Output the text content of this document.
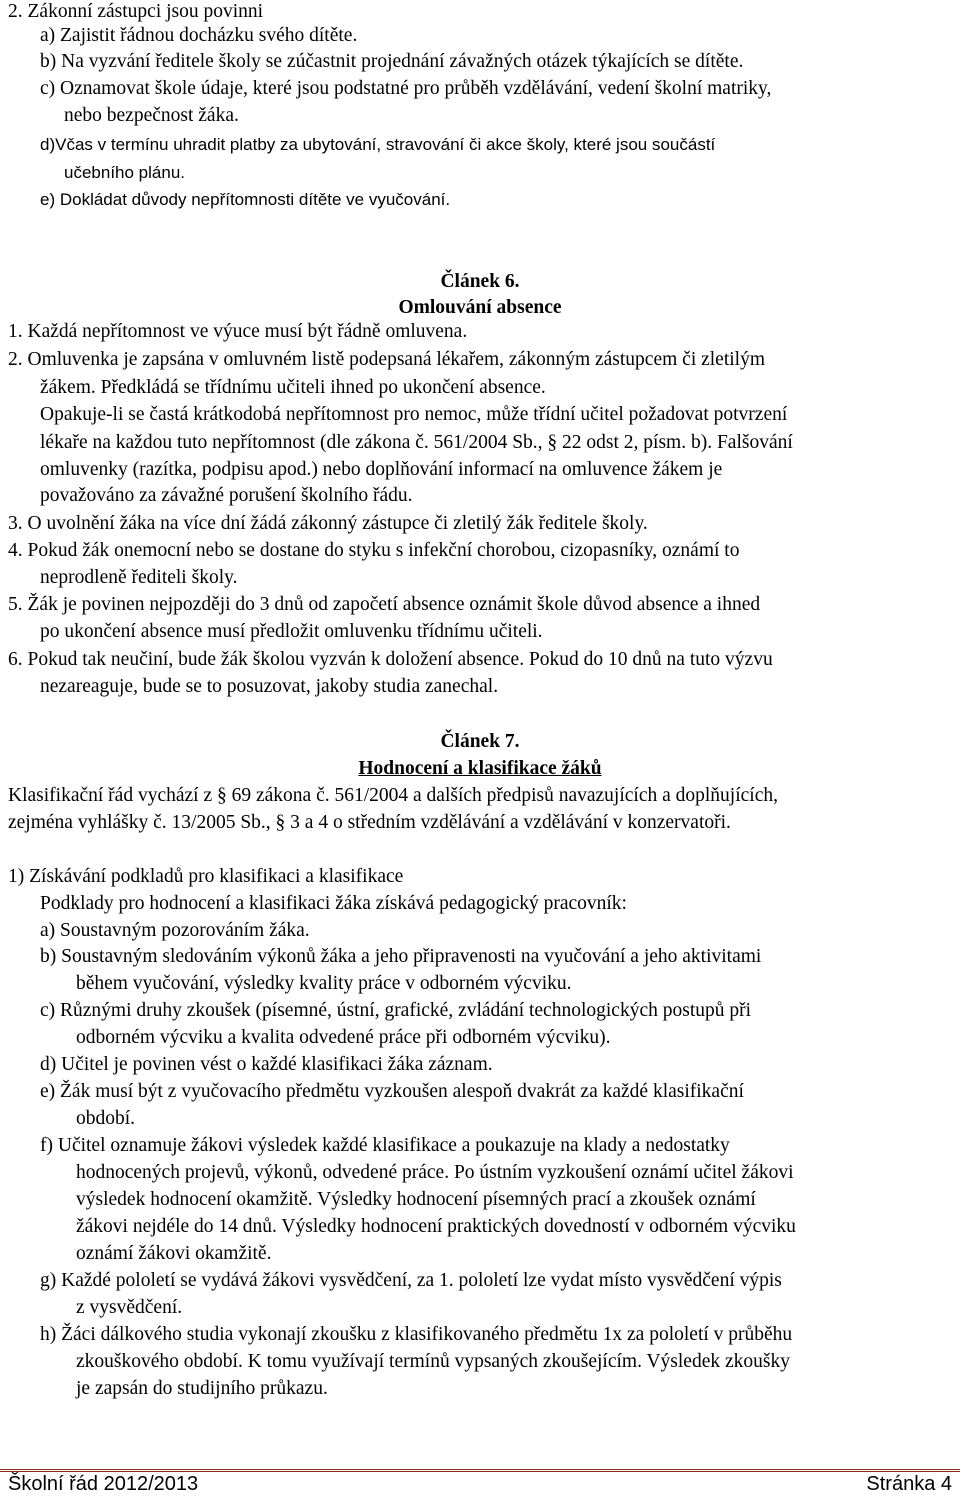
2. Zákonní zástupci jsou povinni
a) Zajistit řádnou docházku svého dítěte.
b) Na vyzvání ředitele školy se zúčastnit projednání závažných otázek týkajících se dítěte.
c) Oznamovat škole údaje, které jsou podstatné pro průběh vzdělávání, vedení školní matriky,
nebo bezpečnost žáka.
d)Včas v termínu uhradit platby za ubytování, stravování či akce školy, které jsou součástí
učebního plánu.
e) Dokládat důvody nepřítomnosti dítěte ve vyučování.
Článek 6.
Omlouvání absence
1. Každá nepřítomnost ve výuce musí být řádně omluvena.
2. Omluvenka je zapsána v omluvném listě podepsaná lékařem, zákonným zástupcem či zletilým
žákem. Předkládá se třídnímu učiteli ihned po ukončení absence.
Opakuje-li se častá krátkodobá nepřítomnost pro nemoc, může třídní učitel požadovat potvrzení
lékaře na každou tuto nepřítomnost (dle zákona č. 561/2004 Sb., § 22 odst 2, písm. b). Falšování
omluvenky (razítka, podpisu apod.) nebo doplňování informací na omluvence žákem je
považováno za závažné porušení školního řádu.
3. O uvolnění žáka na více dní žádá zákonný zástupce či zletilý žák ředitele školy.
4. Pokud žák onemocní nebo se dostane do styku s infekční chorobou, cizopasníky, oznámí to
neprodleně řediteli školy.
5. Žák je povinen nejpozději do 3 dnů od započetí absence oznámit škole důvod absence a ihned
po ukončení absence musí předložit omluvenku třídnímu učiteli.
6. Pokud tak neučiní, bude žák školou vyzván k doložení absence. Pokud do 10 dnů na tuto výzvu
nezareaguje, bude se to posuzovat, jakoby studia zanechal.
Článek 7.
Hodnocení a klasifikace žáků
Klasifikační řád vychází z § 69 zákona č. 561/2004 a dalších předpisů navazujících a doplňujících,
zejména vyhlášky č. 13/2005 Sb., § 3 a 4 o středním vzdělávání a vzdělávání v konzervatoři.
1) Získávání podkladů pro klasifikaci a klasifikace
Podklady pro hodnocení a klasifikaci žáka získává pedagogický pracovník:
a) Soustavným pozorováním žáka.
b) Soustavným sledováním výkonů žáka a jeho připravenosti na vyučování a jeho aktivitami
během vyučování, výsledky kvality práce v odborném výcviku.
c) Různými druhy zkoušek (písemné, ústní, grafické, zvládání technologických postupů při
odborném výcviku a kvalita odvedené práce při odborném výcviku).
d) Učitel je povinen vést o každé klasifikaci žáka záznam.
e) Žák musí být z vyučovacího předmětu vyzkoušen alespoň dvakrát za každé klasifikační
období.
f) Učitel oznamuje žákovi výsledek každé klasifikace a poukazuje na klady a nedostatky
hodnocených projevů, výkonů, odvedené práce. Po ústním vyzkoušení oznámí učitel žákovi
výsledek hodnocení okamžitě. Výsledky hodnocení písemných prací a zkoušek oznámí
žákovi nejdéle do 14 dnů. Výsledky hodnocení praktických dovedností v odborném výcviku
oznámí žákovi okamžitě.
g) Každé pololetí se vydává žákovi vysvědčení, za 1. pololetí lze vydat místo vysvědčení výpis
z vysvědčení.
h) Žáci dálkového studia vykonají zkoušku z klasifikovaného předmětu 1x za pololetí v průběhu
zkouškového období. K tomu využívají termínů vypsaných zkoušejícím. Výsledek zkoušky
je zapsán do studijního průkazu.
Školní řád 2012/2013	Stránka 4
